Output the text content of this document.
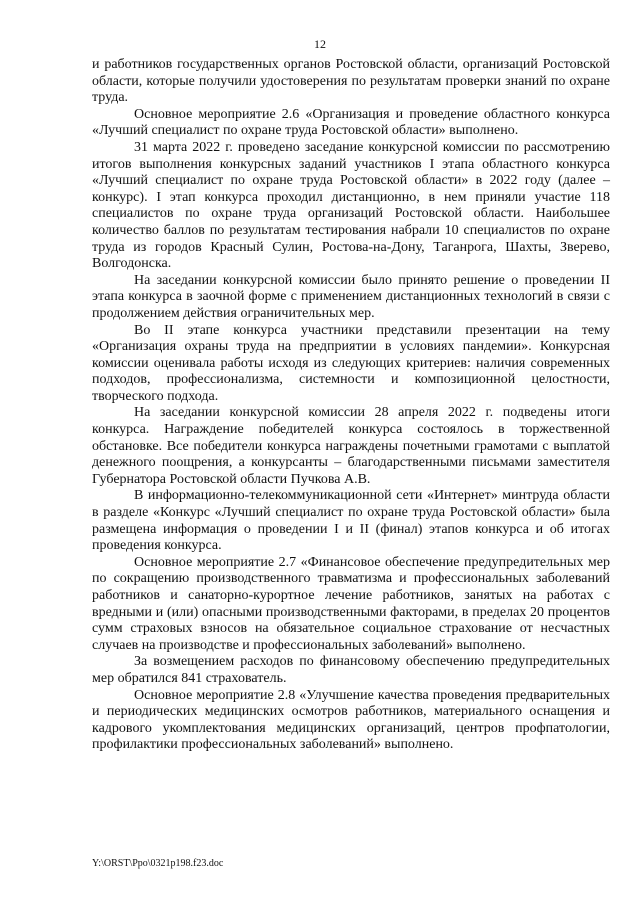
12

и работников государственных органов Ростовской области, организаций Ростовской области, которые получили удостоверения по результатам проверки знаний по охране труда.

Основное мероприятие 2.6 «Организация и проведение областного конкурса «Лучший специалист по охране труда Ростовской области» выполнено.

31 марта 2022 г. проведено заседание конкурсной комиссии по рассмотрению итогов выполнения конкурсных заданий участников I этапа областного конкурса «Лучший специалист по охране труда Ростовской области» в 2022 году (далее – конкурс). I этап конкурса проходил дистанционно, в нем приняли участие 118 специалистов по охране труда организаций Ростовской области. Наибольшее количество баллов по результатам тестирования набрали 10 специалистов по охране труда из городов Красный Сулин, Ростова-на-Дону, Таганрога, Шахты, Зверево, Волгодонска.

На заседании конкурсной комиссии было принято решение о проведении II этапа конкурса в заочной форме с применением дистанционных технологий в связи с продолжением действия ограничительных мер.

Во II этапе конкурса участники представили презентации на тему «Организация охраны труда на предприятии в условиях пандемии». Конкурсная комиссии оценивала работы исходя из следующих критериев: наличия современных подходов, профессионализма, системности и композиционной целостности, творческого подхода.

На заседании конкурсной комиссии 28 апреля 2022 г. подведены итоги конкурса. Награждение победителей конкурса состоялось в торжественной обстановке. Все победители конкурса награждены почетными грамотами с выплатой денежного поощрения, а конкурсанты – благодарственными письмами заместителя Губернатора Ростовской области Пучкова А.В.

В информационно-телекоммуникационной сети «Интернет» минтруда области в разделе «Конкурс «Лучший специалист по охране труда Ростовской области» была размещена информация о проведении I и II (финал) этапов конкурса и об итогах проведения конкурса.

Основное мероприятие 2.7 «Финансовое обеспечение предупредительных мер по сокращению производственного травматизма и профессиональных заболеваний работников и санаторно-курортное лечение работников, занятых на работах с вредными и (или) опасными производственными факторами, в пределах 20 процентов сумм страховых взносов на обязательное социальное страхование от несчастных случаев на производстве и профессиональных заболеваний» выполнено.

За возмещением расходов по финансовому обеспечению предупредительных мер обратился 841 страхователь.

Основное мероприятие 2.8 «Улучшение качества проведения предварительных и периодических медицинских осмотров работников, материального оснащения и кадрового укомплектования медицинских организаций, центров профпатологии, профилактики профессиональных заболеваний» выполнено.

Y:\ORST\Ppo\0321p198.f23.doc
